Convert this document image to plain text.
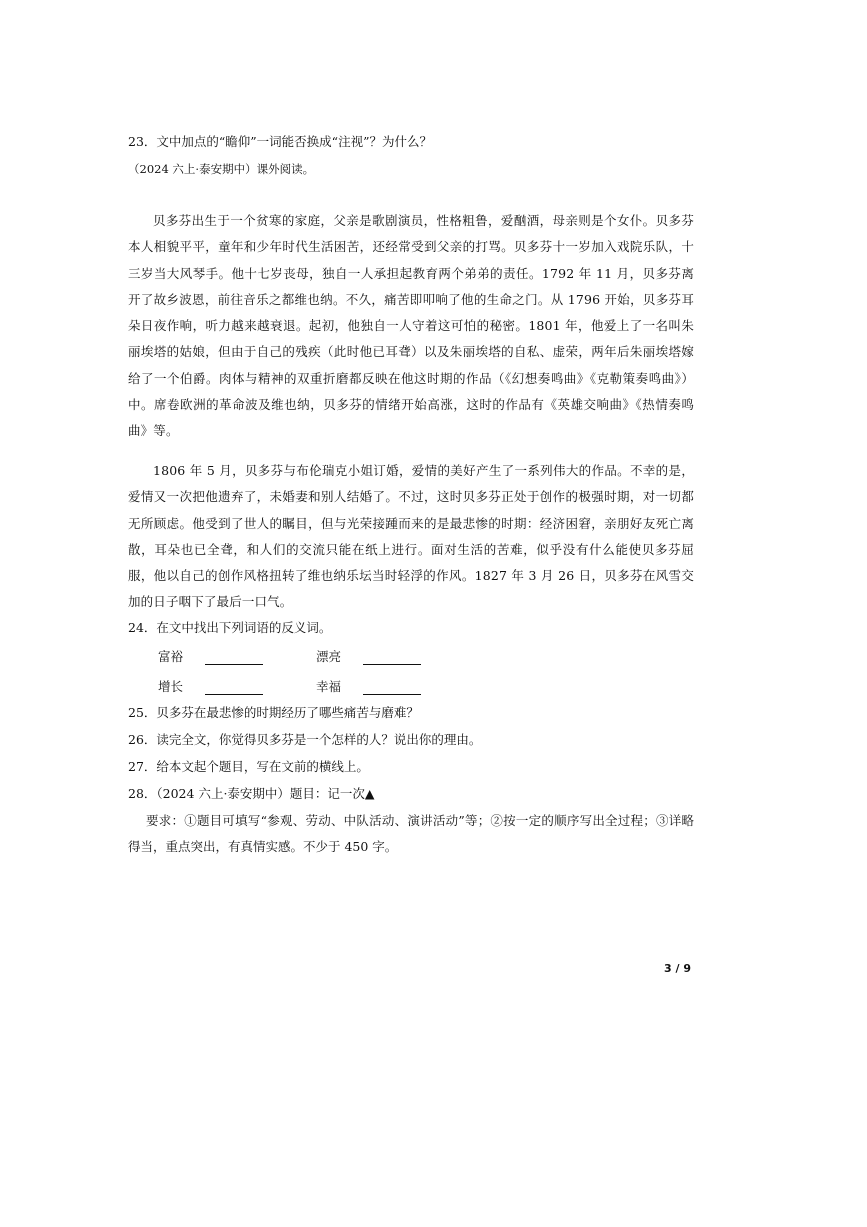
23．文中加点的“瞻仰”一词能否换成“注视”？为什么？
（2024 六上·泰安期中）课外阅读。
贝多芬出生于一个贫寒的家庭，父亲是歌剧演员，性格粗鲁，爱酗酒，母亲则是个女仆。贝多芬本人相貌平平，童年和少年时代生活困苦，还经常受到父亲的打骂。贝多芬十一岁加入戏院乐队，十三岁当大风琴手。他十七岁丧母，独自一人承担起教育两个弟弟的责任。1792 年 11 月，贝多芬离开了故乡波恩，前往音乐之都维也纳。不久，痛苦即叩响了他的生命之门。从 1796 开始，贝多芬耳朵日夜作响，听力越来越衰退。起初，他独自一人守着这可怕的秘密。1801 年，他爱上了一名叫朱丽埃塔的姑娘，但由于自己的残疾（此时他已耳聋）以及朱丽埃塔的自私、虚荣，两年后朱丽埃塔嫁给了一个伯爵。肉体与精神的双重折磨都反映在他这时期的作品（《幻想奏鸣曲》《克勒策奏鸣曲》）中。席卷欧洲的革命波及维也纳，贝多芬的情绪开始高涨，这时的作品有《英雄交响曲》《热情奏鸣曲》等。
1806 年 5 月，贝多芬与布伦瑞克小姐订婚，爱情的美好产生了一系列伟大的作品。不幸的是，爱情又一次把他遗弃了，未婚妻和别人结婚了。不过，这时贝多芬正处于创作的极强时期，对一切都无所顾虑。他受到了世人的瞩目，但与光荣接踵而来的是最悲惨的时期：经济困窘，亲朋好友死亡离散，耳朵也已全聋，和人们的交流只能在纸上进行。面对生活的苦难，似乎没有什么能使贝多芬屈服，他以自己的创作风格扭转了维也纳乐坛当时轻浮的作风。1827 年 3 月 26 日，贝多芬在风雪交加的日子咽下了最后一口气。
24．在文中找出下列词语的反义词。
富裕	漂亮
增长	幸福
25．贝多芬在最悲惨的时期经历了哪些痛苦与磨难？
26．读完全文，你觉得贝多芬是一个怎样的人？说出你的理由。
27．给本文起个题目，写在文前的横线上。
28．（2024 六上·泰安期中）题目：记一次▲
要求：①题目可填写“参观、劳动、中队活动、演讲活动”等；②按一定的顺序写出全过程；③详略得当，重点突出，有真情实感。不少于 450 字。
3 / 9
